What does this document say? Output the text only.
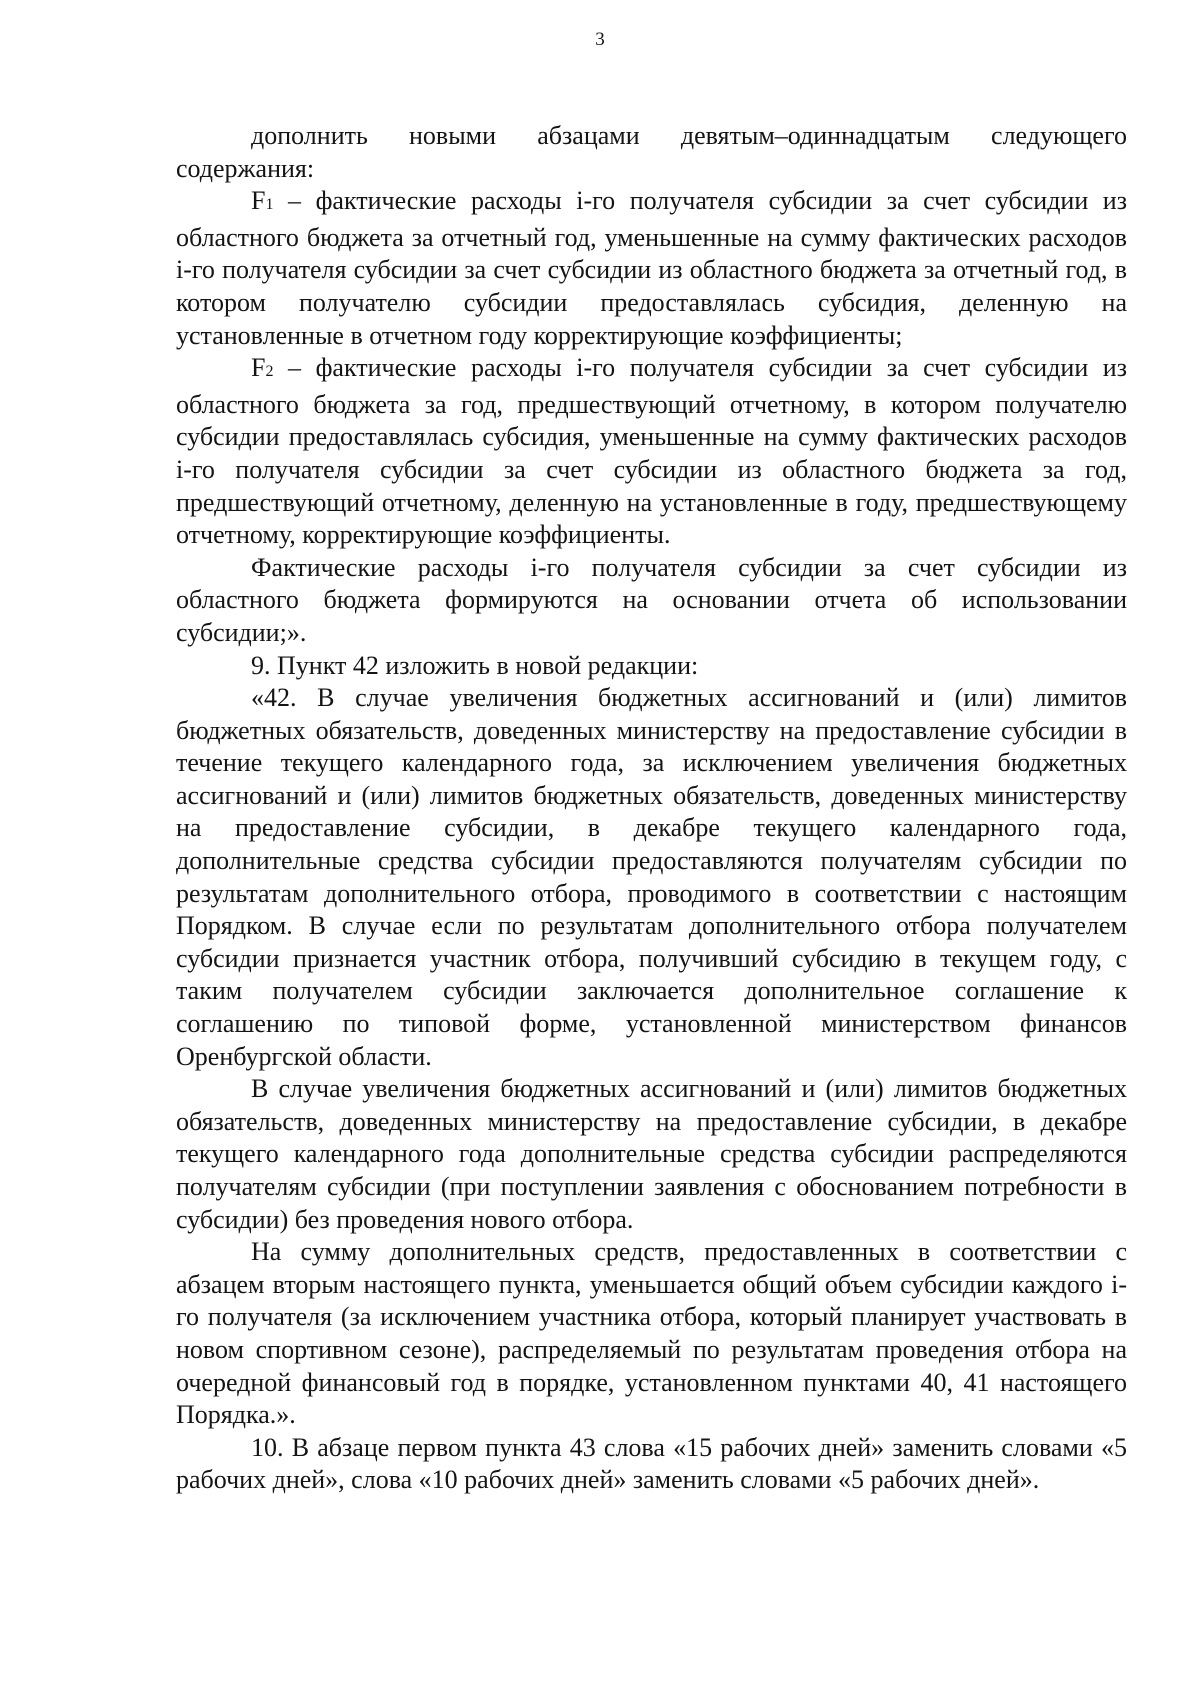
3

дополнить новыми абзацами девятым–одиннадцатым следующего содержания:

F1 – фактические расходы i-го получателя субсидии за счет субсидии из областного бюджета за отчетный год, уменьшенные на сумму фактических расходов i-го получателя субсидии за счет субсидии из областного бюджета за отчетный год, в котором получателю субсидии предоставлялась субсидия, деленную на установленные в отчетном году корректирующие коэффициенты;

F2 – фактические расходы i-го получателя субсидии за счет субсидии из областного бюджета за год, предшествующий отчетному, в котором получателю субсидии предоставлялась субсидия, уменьшенные на сумму фактических расходов i-го получателя субсидии за счет субсидии из областного бюджета за год, предшествующий отчетному, деленную на установленные в году, предшествующему отчетному, корректирующие коэффициенты.

Фактические расходы i-го получателя субсидии за счет субсидии из областного бюджета формируются на основании отчета об использовании субсидии;».

9. Пункт 42 изложить в новой редакции:

«42. В случае увеличения бюджетных ассигнований и (или) лимитов бюджетных обязательств, доведенных министерству на предоставление субсидии в течение текущего календарного года, за исключением увеличения бюджетных ассигнований и (или) лимитов бюджетных обязательств, доведенных министерству на предоставление субсидии, в декабре текущего календарного года, дополнительные средства субсидии предоставляются получателям субсидии по результатам дополнительного отбора, проводимого в соответствии с настоящим Порядком. В случае если по результатам дополнительного отбора получателем субсидии признается участник отбора, получивший субсидию в текущем году, с таким получателем субсидии заключается дополнительное соглашение к соглашению по типовой форме, установленной министерством финансов Оренбургской области.

В случае увеличения бюджетных ассигнований и (или) лимитов бюджетных обязательств, доведенных министерству на предоставление субсидии, в декабре текущего календарного года дополнительные средства субсидии распределяются получателям субсидии (при поступлении заявления с обоснованием потребности в субсидии) без проведения нового отбора.

На сумму дополнительных средств, предоставленных в соответствии с абзацем вторым настоящего пункта, уменьшается общий объем субсидии каждого i-го получателя (за исключением участника отбора, который планирует участвовать в новом спортивном сезоне), распределяемый по результатам проведения отбора на очередной финансовый год в порядке, установленном пунктами 40, 41 настоящего Порядка.».

10. В абзаце первом пункта 43 слова «15 рабочих дней» заменить словами «5 рабочих дней», слова «10 рабочих дней» заменить словами «5 рабочих дней».
